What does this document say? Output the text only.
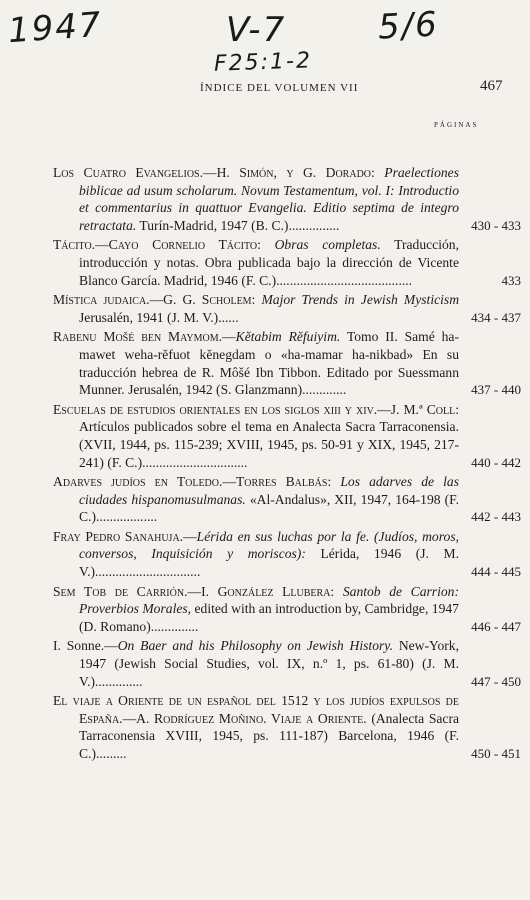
1947	V-7	5/6
F25:1-2
ÍNDICE DEL VOLUMEN VII	467
PÁGINAS
Los Cuatro Evangelios.—H. Simón, y G. Dorado: Praelectiones biblicae ad usum scholarum. Novum Testamentum, vol. I: Introductio et commentarius in quattuor Evangelia. Editio septima de integro retractata. Turín-Madrid, 1947 (B. C.)...............	430 - 433
Tácito.—Cayo Cornelio Tácito: Obras completas. Traducción, introducción y notas. Obra publicada bajo la dirección de Vicente Blanco García. Madrid, 1946 (F. C.)........................................	433
Mística judaica.—G. G. Scholem: Major Trends in Jewish Mysticism Jerusalén, 1941 (J. M. V.)......	434 - 437
Rabenu Mošé ben Maymom.—Kĕtabim Rĕfuiyim. Tomo II. Samé ha-mawet weha-rĕfuot kĕnegdam o «ha-mamar ha-nikbad» En su traducción hebrea de R. Môšé Ibn Tibbon. Editado por Suessmann Munner. Jerusalén, 1942 (S. Glanzmann).............	437 - 440
Escuelas de estudios orientales en los siglos xiii y xiv.—J. M.ª Coll: Artículos publicados sobre el tema en Analecta Sacra Tarraconensia. (XVII, 1944, ps. 115-239; XVIII, 1945, ps. 50-91 y XIX, 1945, 217-241) (F. C.)...............................	440 - 442
Adarves judíos en Toledo.—Torres Balbás: Los adarves de las ciudades hispanomusulmanas. «Al-Andalus», XII, 1947, 164-198 (F. C.)..................	442 - 443
Fray Pedro Sanahuja.—Lérida en sus luchas por la fe. (Judíos, moros, conversos, Inquisición y moriscos): Lérida, 1946 (J. M. V.)...............................	444 - 445
Sem Tob de Carrión.—I. González Llubera: Santob de Carrion: Proverbios Morales, edited with an introduction by, Cambridge, 1947 (D. Romano)..............	446 - 447
I. Sonne.—On Baer and his Philosophy on Jewish History. New-York, 1947 (Jewish Social Studies, vol. IX, n.º 1, ps. 61-80) (J. M. V.)..............	447 - 450
El viaje a Oriente de un español del 1512 y los judíos expulsos de España.—A. Rodríguez Moñino. Viaje a Oriente. (Analecta Sacra Tarraconensia XVIII, 1945, ps. 111-187) Barcelona, 1946 (F. C.).........	450 - 451
